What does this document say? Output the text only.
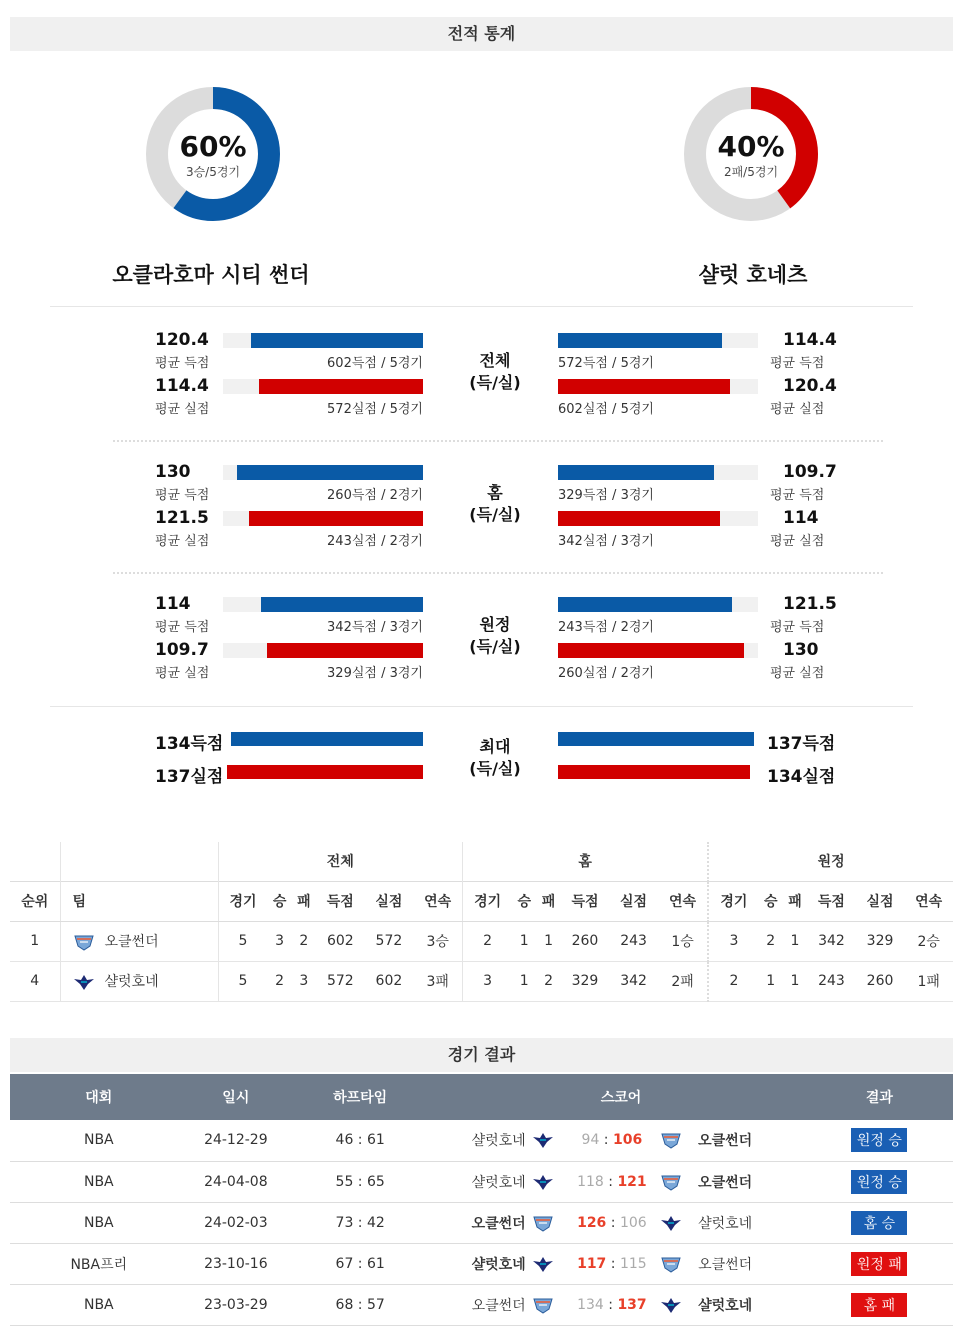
전적 통계
60%
3승/5경기
40%
2패/5경기
오클라호마 시티 썬더	샬럿 호네츠
120.4
평균 득점
114.4
평균 실점
602득점 / 5경기
572실점 / 5경기
전체
(득/실)
572득점 / 5경기
602실점 / 5경기
114.4
평균 득점
120.4
평균 실점
130
평균 득점
121.5
평균 실점
260득점 / 2경기
243실점 / 2경기
홈
(득/실)
329득점 / 3경기
342실점 / 3경기
109.7
평균 득점
114
평균 실점
114
평균 득점
109.7
평균 실점
342득점 / 3경기
329실점 / 3경기
원정
(득/실)
243득점 / 2경기
260실점 / 2경기
121.5
평균 득점
130
평균 실점
134득점
137실점
최대
(득/실)
137득점
134실점
		전체						홈						원정					
순위	팀	경기	승	패	득점	실점	연속	경기	승	패	득점	실점	연속	경기	승	패	득점	실점	연속
1	오클썬더	5	3	2	602	572	3승	2	1	1	260	243	1승	3	2	1	342	329	2승
4	샬럿호네	5	2	3	572	602	3패	3	1	2	329	342	2패	2	1	1	243	260	1패
경기 결과
대회	일시	하프타임	스코어					결과
NBA	24-12-29	46 : 61	샬럿호네		94 : 106		오클썬더	원정 승
NBA	24-04-08	55 : 65	샬럿호네		118 : 121		오클썬더	원정 승
NBA	24-02-03	73 : 42	오클썬더		126 : 106		샬럿호네	홈 승
NBA프리	23-10-16	67 : 61	샬럿호네		117 : 115		오클썬더	원정 패
NBA	23-03-29	68 : 57	오클썬더		134 : 137		샬럿호네	홈 패
